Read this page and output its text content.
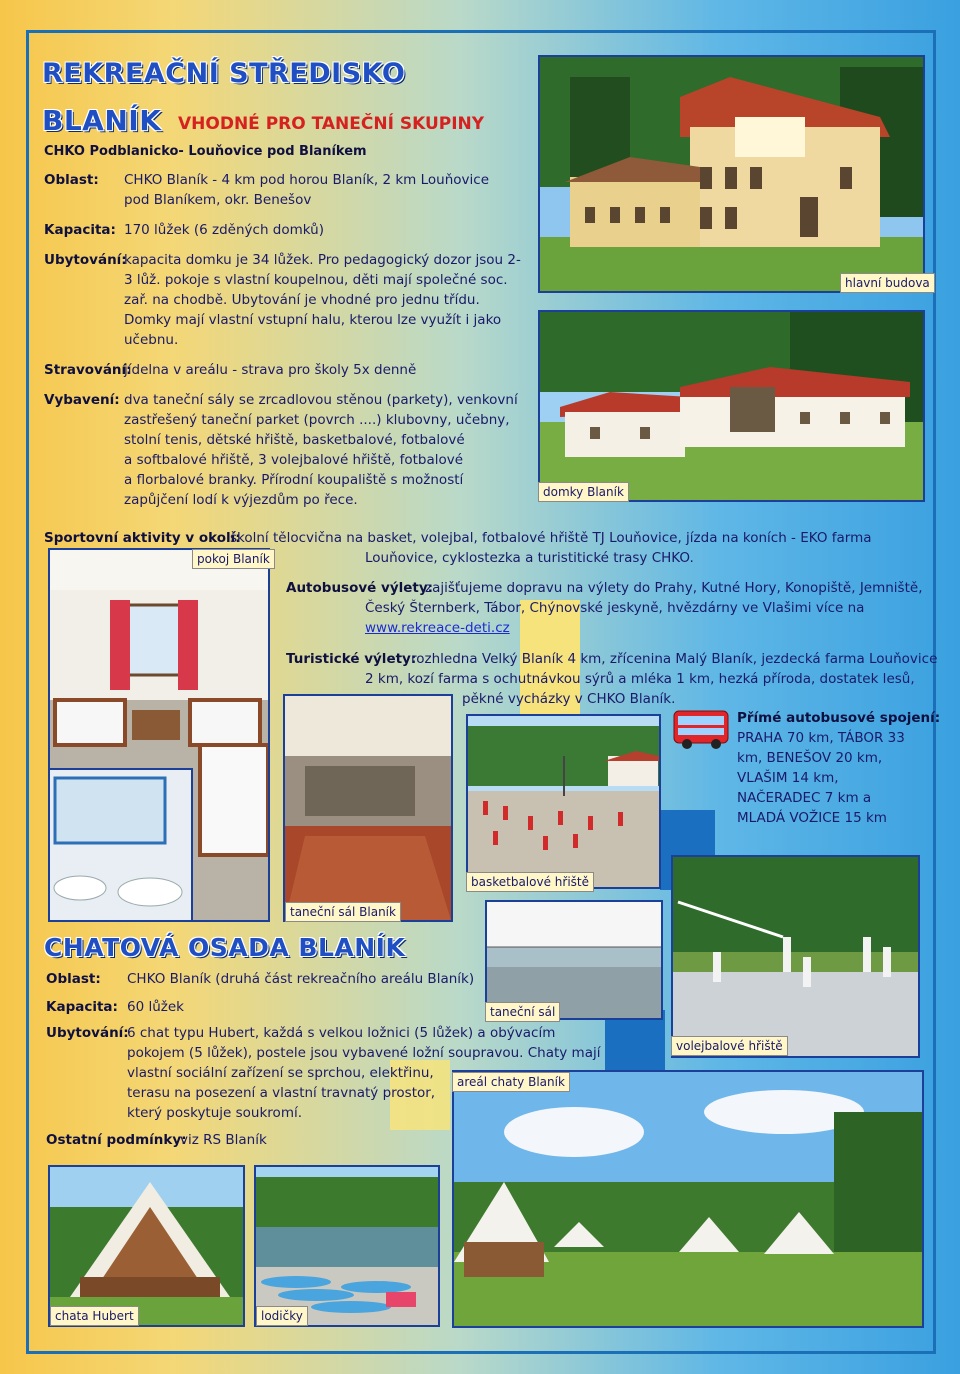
REKREAČNÍ STŘEDISKO
BLANÍK VHODNÉ PRO TANEČNÍ SKUPINY
CHKO Podblanicko- Louňovice pod Blaníkem
Oblast: CHKO Blaník - 4 km pod horou Blaník, 2 km Louňovice
pod Blaníkem, okr. Benešov
Kapacita: 170 lůžek (6 zděných domků)
Ubytování:
kapacita domku je 34 lůžek. Pro pedagogický dozor jsou 2-
3 lůž. pokoje s vlastní koupelnou, děti mají společné soc.
zař. na chodbě. Ubytování je vhodné pro jednu třídu.
Domky mají vlastní vstupní halu, kterou lze využít i jako
učebnu.
Stravování:
jídelna v areálu - strava pro školy 5x denně
Vybavení: dva taneční sály se zrcadlovou stěnou (parkety), venkovní
zastřešený taneční parket (povrch ....) klubovny, učebny,
stolní tenis, dětské hřiště, basketbalové, fotbalové
a softbalové hřiště, 3 volejbalové hřiště, fotbalové
a florbalové branky. Přírodní koupaliště s možností
zapůjčení lodí k výjezdům po řece.
hlavní budova
domky Blaník
Sportovní aktivity v okolí:
školní tělocvična na basket, volejbal, fotbalové hřiště TJ Louňovice, jízda na koních - EKO farma
Louňovice, cyklostezka a turistitické trasy CHKO.
Autobusové výlety:
zajišťujeme dopravu na výlety do Prahy, Kutné Hory, Konopiště, Jemniště,
Český Šternberk, Tábor, Chýnovské jeskyně, hvězdárny ve Vlašimi více na
www.rekreace-deti.cz
Turistické výlety:
rozhledna Velký Blaník 4 km, zřícenina Malý Blaník, jezdecká farma Louňovice
2 km, kozí farma s ochutnávkou sýrů a mléka 1 km, hezká příroda, dostatek lesů,
pěkné vycházky v CHKO Blaník.
Přímé autobusové spojení:
PRAHA 70 km, TÁBOR 33
km, BENEŠOV 20 km,
VLAŠIM 14 km,
NAČERADEC 7 km a
MLADÁ VOŽICE 15 km
pokoj Blaník
taneční sál Blaník
basketbalové hřiště
taneční sál
volejbalové hřiště
CHATOVÁ OSADA BLANÍK
Oblast: CHKO Blaník (druhá část rekreačního areálu Blaník)
Kapacita: 60 lůžek
Ubytování:
6 chat typu Hubert, každá s velkou ložnici (5 lůžek) a obývacím
pokojem (5 lůžek), postele jsou vybavené ložní soupravou. Chaty mají
vlastní sociální zařízení se sprchou, elektřinu,
terasu na posezení a vlastní travnatý prostor,
který poskytuje soukromí.
Ostatní podmínky:
viz RS Blaník
areál chaty Blaník
chata Hubert	lodičky
